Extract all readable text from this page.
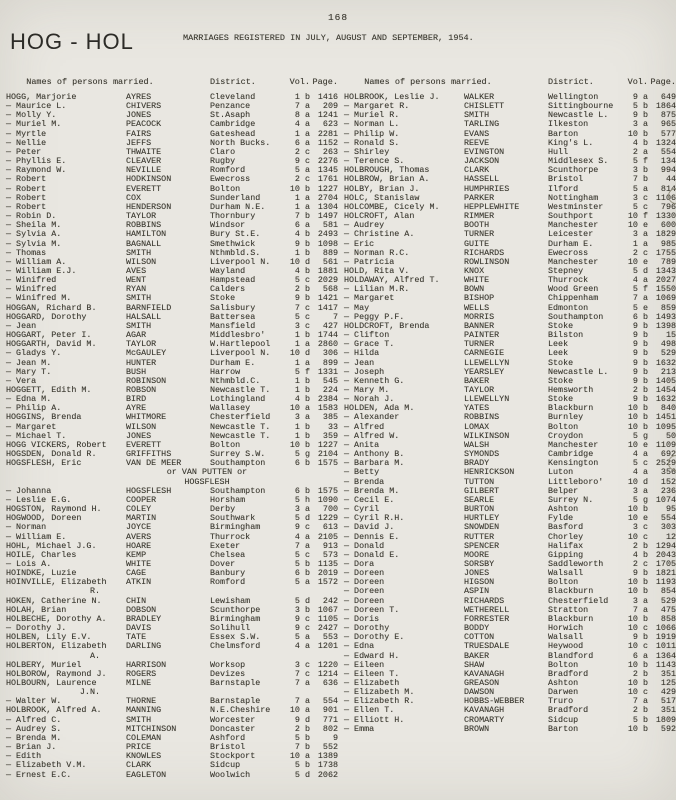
168
HOG - HOL	MARRIAGES REGISTERED IN JULY, AUGUST AND SEPTEMBER, 1954.
Names of persons married.	District.	Vol. Page.
HOGG, Marjorie	AYRES	Cleveland	1 b 1416
— Maurice L.	CHIVERS	Penzance	7 a	209
— Molly Y.	JONES	St.Asaph	8 a 1241
— Muriel M.	PEACOCK	Cambridge	4 a	623
— Myrtle	FAIRS	Gateshead	1 a 2281
— Nellie	JEFFS	North Bucks.	6 a 1152
— Peter	THWAITE	Claro	2 c	263
— Phyllis E.	CLEAVER	Rugby	9 c 2276
— Raymond W.	NEVILLE	Romford	5 a 1345
— Robert	HODKINSON	Ewecross	2 c 1761
— Robert	EVERETT	Bolton	10 b 1227
— Robert	COX	Sunderland	1 a 2704
— Robert	HENDERSON	Durham N.E.	1 a 1304
— Robin D.	TAYLOR	Thornbury	7 b 1497
— Sheila M.	ROBBINS	Windsor	6 a	581
— Sylvia A.	HAMILTON	Bury St.E.	4 b 2493
— Sylvia M.	BAGNALL	Smethwick	9 b 1098
— Thomas	SMITH	Nthmbld.S.	1 b	889
— William A.	WILSON	Liverpool N.	10 d	561
— William E.J.	AVES	Wayland	4 b 1881
— Winifred	WENT	Hampstead	5 c 2029
— Winifred	RYAN	Calders	2 b	568
— Winifred M.	SMITH	Stoke	9 b 1421
HOGGAN, Richard B.	BARNFIELD	Salisbury	7 c 1417
HOGGARD, Dorothy	HALSALL	Battersea	5 c	7
— Jean	SMITH	Mansfield	3 c	427
HOGGART, Peter I.	AGAR	Middlesbro'	1 b 1744
HOGGARTH, David M.	TAYLOR	W.Hartlepool	1 a 2860
— Gladys Y.	McGAULEY	Liverpool N.	10 d	306
— Jean M.	HUNTER	Durham E.	1 a	899
— Mary T.	BUSH	Harrow	5 f 1331
— Vera	ROBINSON	Nthmbld.C.	1 b	545
HOGGETT, Edith M.	ROBSON	Newcastle T.	1 b	224
— Edna M.	BIRD	Lothingland	4 b 2384
— Philip A.	AYRE	Wallasey	10 a 1583
HOGGINS, Brenda	WHITMORE	Chesterfield	3 a	385
— Margaret	WILSON	Newcastle T.	1 b	33
— Michael T.	JONES	Newcastle T.	1 b	359
HOGG VICKERS, Robert	EVERETT	Bolton	10 b 1227
HOGSDEN, Donald R.	GRIFFITHS	Surrey S.W.	5 g 2104
HOGSFLESH, Eric	VAN DE MEER	Southampton	6 b 1575
or VAN PUTTEN or
HOGSFLESH
— Johanna	HOGSFLESH	Southampton	6 b 1575
— Leslie E.G.	COOPER	Horsham	5 h 1090
HOGSTON, Raymond H.	COLEY	Derby	3 a	700
HOGWOOD, Doreen	MARTIN	Southwark	5 d 1229
— Norman	JOYCE	Birmingham	9 c	613
— William E.	AVERS	Thurrock	4 a 2105
HOHL, Michael J.G.	HOARE	Exeter	7 a	913
HOILE, Charles	KEMP	Chelsea	5 c	573
— Lois A.	WHITE	Dover	5 b 1135
HOINDKE, Luzie	CAGE	Banbury	6 b 2019
HOINVILLE, Elizabeth
R.
ATKIN	Romford	5 a 1572
HOKEN, Catherine N.	CHIN	Lewisham	5 d	242
HOLAH, Brian	DOBSON	Scunthorpe	3 b 1067
HOLBECHE, Dorothy A.	BRADLEY	Birmingham	9 c 1105
— Dorothy J.	DAVIS	Solihull	9 c 2427
HOLBEN, Lily E.V.	TATE	Essex S.W.	5 a	553
HOLBERTON, Elizabeth
A.
DARLING	Chelmsford	4 a 1201
HOLBERY, Muriel	HARRISON	Worksop	3 c 1220
HOLBOROW, Raymond J.	ROGERS	Devizes	7 c 1214
HOLBOURN, Laurence
J.N.
MILNE	Barnstaple	7 a	636
— Walter W.	THORNE	Barnstaple	7 a	554
HOLBROOK, Alfred A.	MANNING	N.E.Cheshire	10 a	901
— Alfred C.	SMITH	Worcester	9 d	771
— Audrey S.	MITCHINSON	Doncaster	2 b	802
— Brenda M.	COLEMAN	Ashford	5 b	9
— Brian J.	PRICE	Bristol	7 b	552
— Edith	KNOWLES	Stockport	10 a 1389
— Elizabeth V.M.	CLARK	Sidcup	5 b 1738
— Ernest E.C.	EAGLETON	Woolwich	5 d 2062
Names of persons married.	District.	Vol. Page.
HOLBROOK, Leslie J.	WALKER	Wellington	9 a	649
— Margaret R.	CHISLETT	Sittingbourne	5 b 1864
— Muriel R.	SMITH	Newcastle L.	9 b	875
— Norman L.	TARLING	Ilkeston	3 a	965
— Philip W.	EVANS	Barton	10 b	577
— Ronald S.	REEVE	King's L.	4 b 1324
— Shirley	EVINGTON	Hull	2 a	554
— Terence S.	JACKSON	Middlesex S.	5 f	134
HOLBROUGH, Thomas	CLARK	Scunthorpe	3 b	994
HOLBROW, Brian A.	HASSELL	Bristol	7 b	44
HOLBY, Brian J.	HUMPHRIES	Ilford	5 a	814
HOLC, Stanislaw	PARKER	Nottingham	3 c 1106
HOLCOMBE, Cicely M.	HEPPLEWHITE	Westminster	5 c	796
HOLCROFT, Alan	RIMMER	Southport	10 f 1330
— Audrey	BOOTH	Manchester	10 e	600
— Christine A.	TURNER	Leicester	3 a 1829
— Eric	GUITE	Durham E.	1 a	985
— Norman R.C.	RICHARDS	Ewecross	2 c 1755
— Patricia	ROWLINSON	Manchester	10 e	789
HOLD, Rita V.	KNOX	Stepney	5 d 1343
HOLDAWAY, Alfred T.	WHITE	Thurrock	4 a 2027
— Lilian M.R.	BOWN	Wood Green	5 f 1550
— Margaret	BISHOP	Chippenham	7 a 1069
— May	WELLS	Edmonton	5 e	859
— Peggy P.F.	MORRIS	Southampton	6 b 1493
HOLDCROFT, Brenda	BANNER	Stoke	9 b 1398
— Clifton	PAINTER	Bilston	9 b	15
— Grace T.	TURNER	Leek	9 b	498
— Hilda	CARNEGIE	Leek	9 b	529
— Jean	LLEWELLYN	Stoke	9 b 1632
— Joseph	YEARSLEY	Newcastle L.	9 b	213
— Kenneth G.	BAKER	Stoke	9 b 1405
— Mary M.	TAYLOR	Hemsworth	2 b 1454
— Norah J.	LLEWELLYN	Stoke	9 b 1632
HOLDEN, Ada M.	YATES	Blackburn	10 b	840
— Alexander	ROBBINS	Burnley	10 b 1451
— Alfred	LOMAX	Bolton	10 b 1095
— Alfred W.	WILKINSON	Croydon	5 g	50
— Anita	WALSH	Manchester	10 e 1109
— Anthony B.	SYMONDS	Cambridge	4 a	692
— Barbara M.	BRADY	Kensington	5 c 2529
— Betty	HENRICKSON	Luton	4 a	356
— Brenda	TUTTON	Littleboro'	10 d	152
— Brenda M.	GILBERT	Belper	3 a	236
— Cecil E.	SEARLE	Surrey N.	5 g 1074
— Cyril	BURTON	Ashton	10 b	95
— Cyril R.H.	HURTLEY	Fylde	10 e	554
— David J.	SNOWDEN	Basford	3 c	303
— Dennis E.	RUTTER	Chorley	10 c	12
— Donald	SPENCER	Halifax	2 b 1294
— Donald E.	MOORE	Gipping	4 b 2043
— Dora	SORSBY	Saddleworth	2 c 1705
— Doreen	JONES	Walsall	9 b 1821
— Doreen	HIGSON	Bolton	10 b 1193
— Doreen	ASPIN	Blackburn	10 b	854
— Doreen	RICHARDS	Chesterfield	3 a	529
— Doreen T.	WETHERELL	Stratton	7 a	475
— Doris	FORRESTER	Blackburn	10 b	858
— Dorothy	BODDY	Horwich	10 c 1066
— Dorothy E.	COTTON	Walsall	9 b 1919
— Edna	TRUESDALE	Heywood	10 c 1011
— Edward H.	BAKER	Blandford	6 a 1364
— Eileen	SHAW	Bolton	10 b 1143
— Eileen T.	KAVANAGH	Bradford	2 b	351
— Elizabeth	GREASON	Ashton	10 b	125
— Elizabeth M.	DAWSON	Darwen	10 c	429
— Elizabeth R.	HOBBS-WEBBER	Truro	7 a	517
— Ellen T.	KAVANAGH	Bradford	2 b	351
— Elliott H.	CROMARTY	Sidcup	5 b 1809
— Emma	BROWN	Barton	10 b	592
